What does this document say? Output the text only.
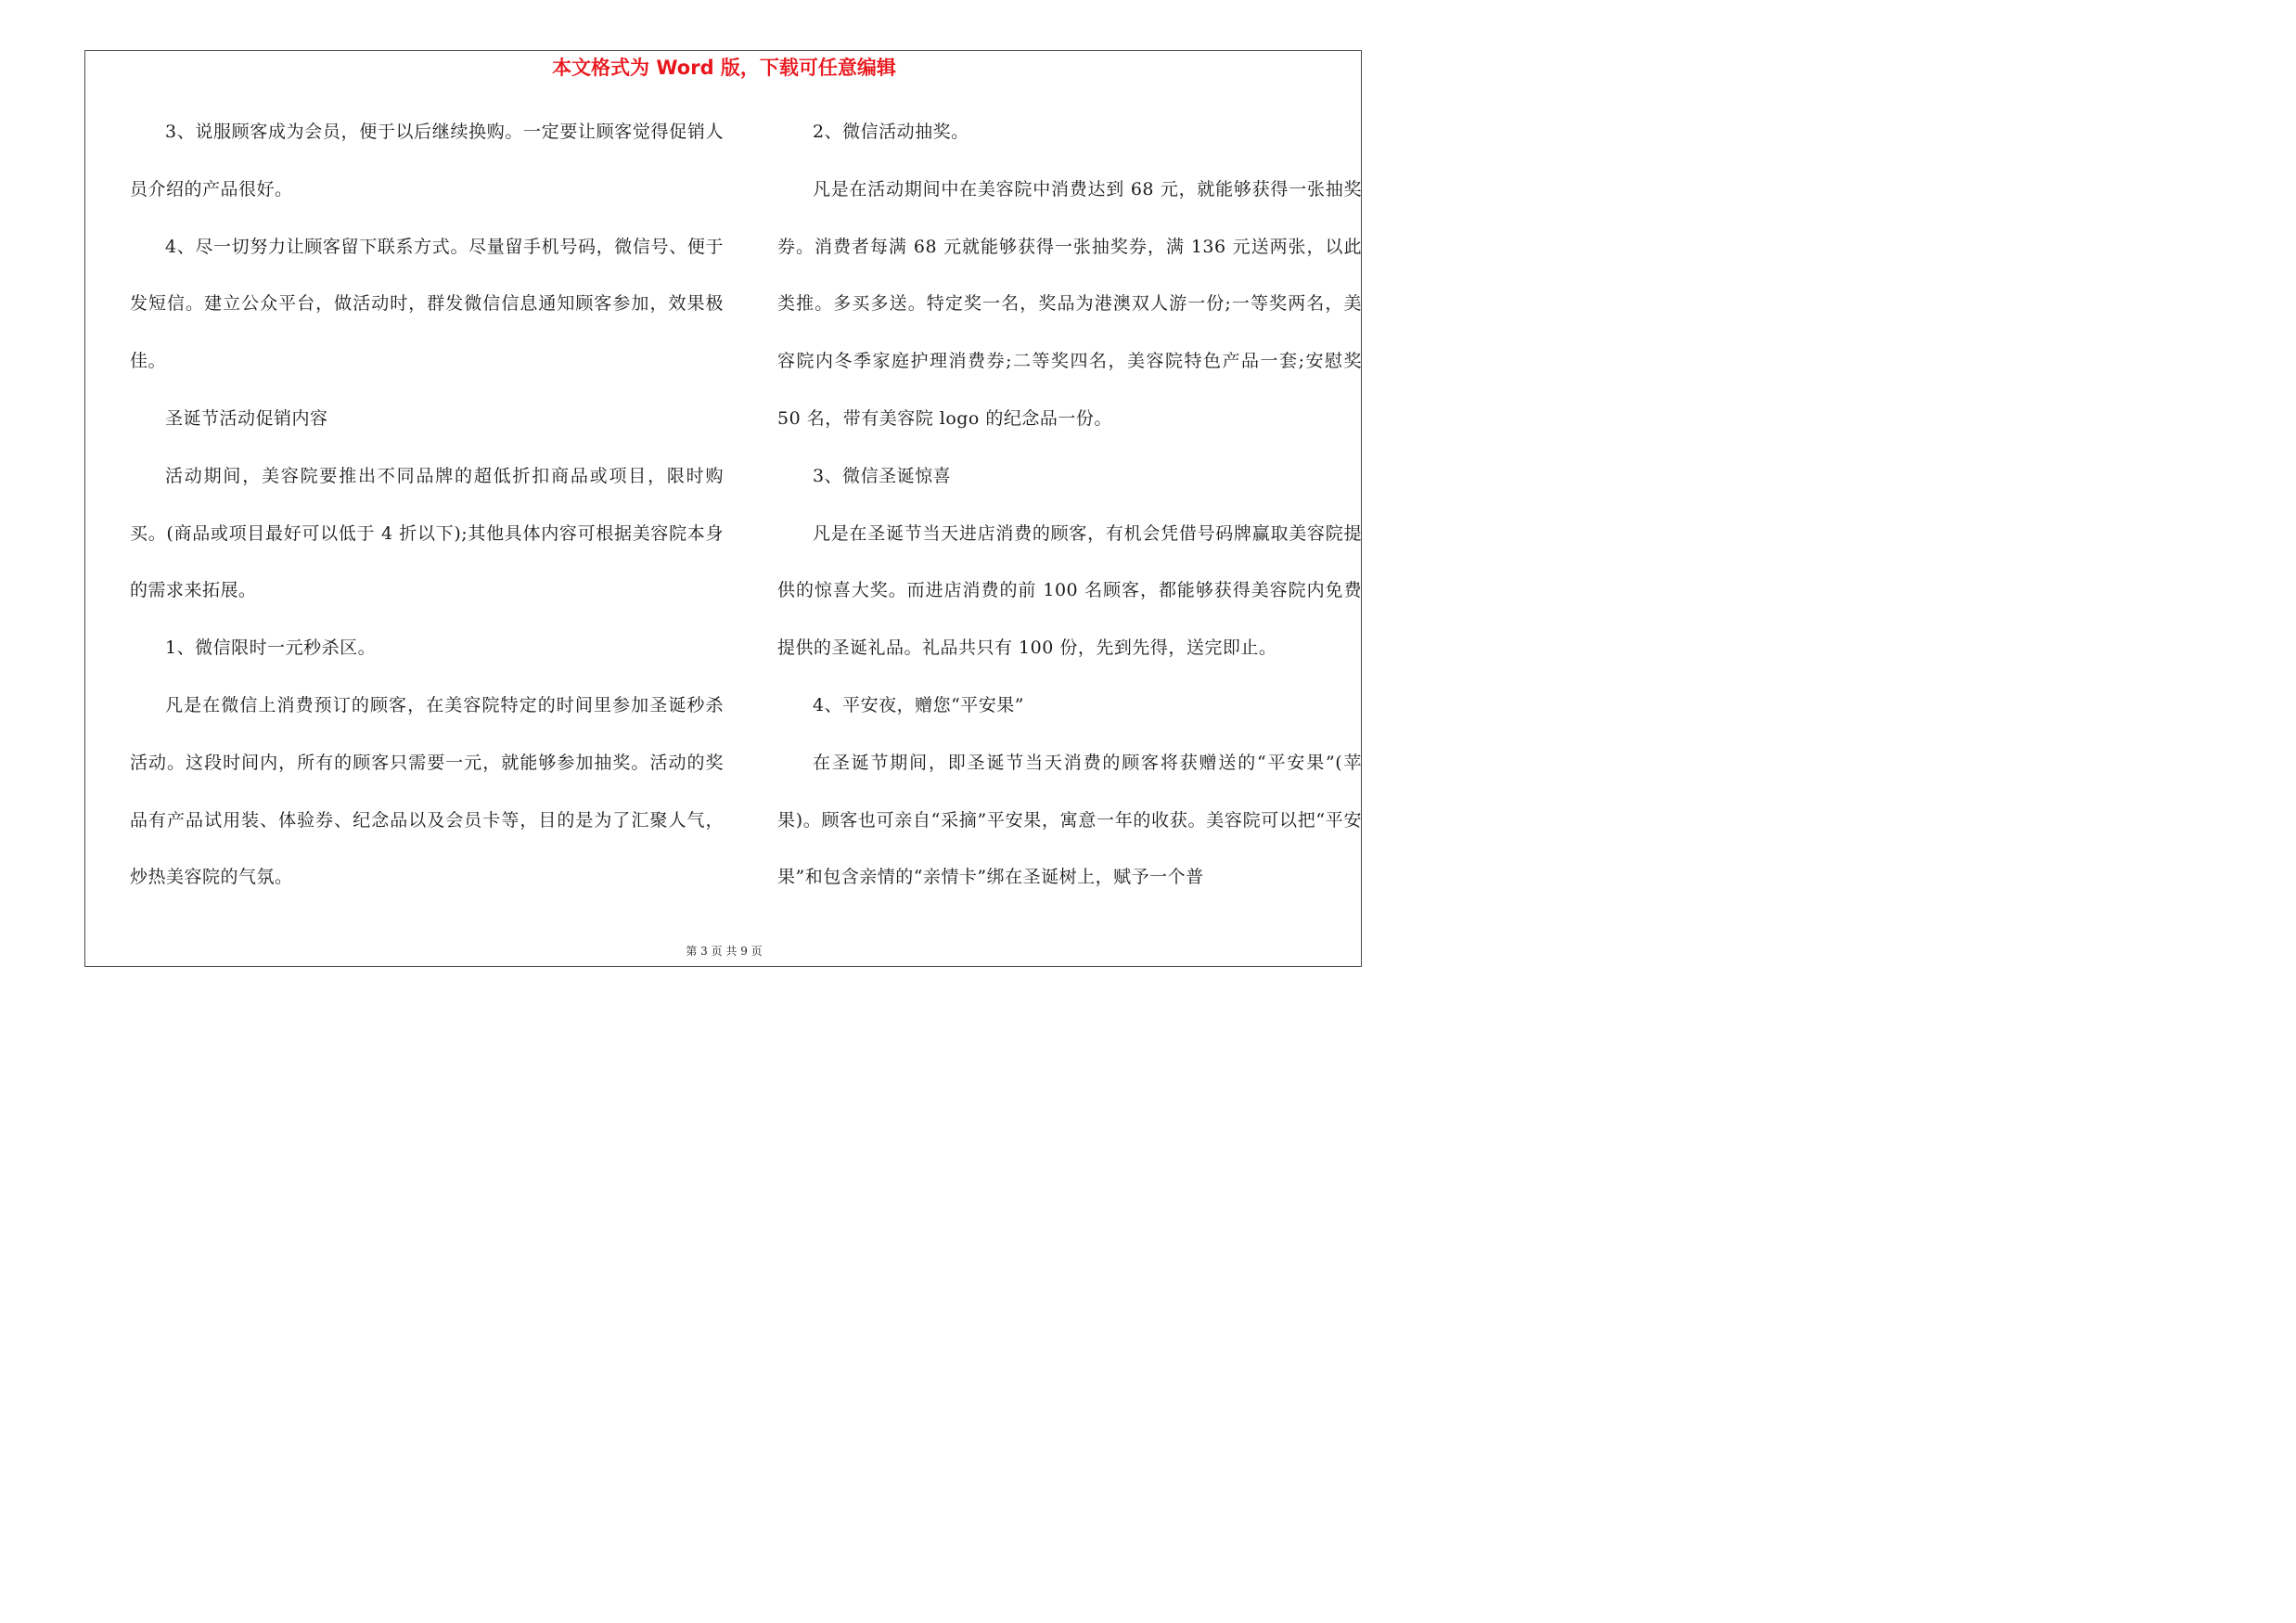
本文格式为 Word 版，下载可任意编辑

3、说服顾客成为会员，便于以后继续换购。一定要让顾客觉得促销人员介绍的产品很好。

4、尽一切努力让顾客留下联系方式。尽量留手机号码，微信号、便于发短信。建立公众平台，做活动时，群发微信信息通知顾客参加，效果极佳。

圣诞节活动促销内容

活动期间，美容院要推出不同品牌的超低折扣商品或项目，限时购买。(商品或项目最好可以低于 4 折以下);其他具体内容可根据美容院本身的需求来拓展。

1、微信限时一元秒杀区。

凡是在微信上消费预订的顾客，在美容院特定的时间里参加圣诞秒杀活动。这段时间内，所有的顾客只需要一元，就能够参加抽奖。活动的奖品有产品试用装、体验券、纪念品以及会员卡等，目的是为了汇聚人气，炒热美容院的气氛。

2、微信活动抽奖。

凡是在活动期间中在美容院中消费达到 68 元，就能够获得一张抽奖券。消费者每满 68 元就能够获得一张抽奖券，满 136 元送两张，以此类推。多买多送。特定奖一名，奖品为港澳双人游一份;一等奖两名，美容院内冬季家庭护理消费券;二等奖四名，美容院特色产品一套;安慰奖 50 名，带有美容院 logo 的纪念品一份。

3、微信圣诞惊喜

凡是在圣诞节当天进店消费的顾客，有机会凭借号码牌赢取美容院提供的惊喜大奖。而进店消费的前 100 名顾客，都能够获得美容院内免费提供的圣诞礼品。礼品共只有 100 份，先到先得，送完即止。

4、平安夜，赠您“平安果”

在圣诞节期间，即圣诞节当天消费的顾客将获赠送的“平安果”(苹果)。顾客也可亲自“采摘”平安果，寓意一年的收获。美容院可以把“平安果”和包含亲情的“亲情卡”绑在圣诞树上，赋予一个普

第 3 页 共 9 页
